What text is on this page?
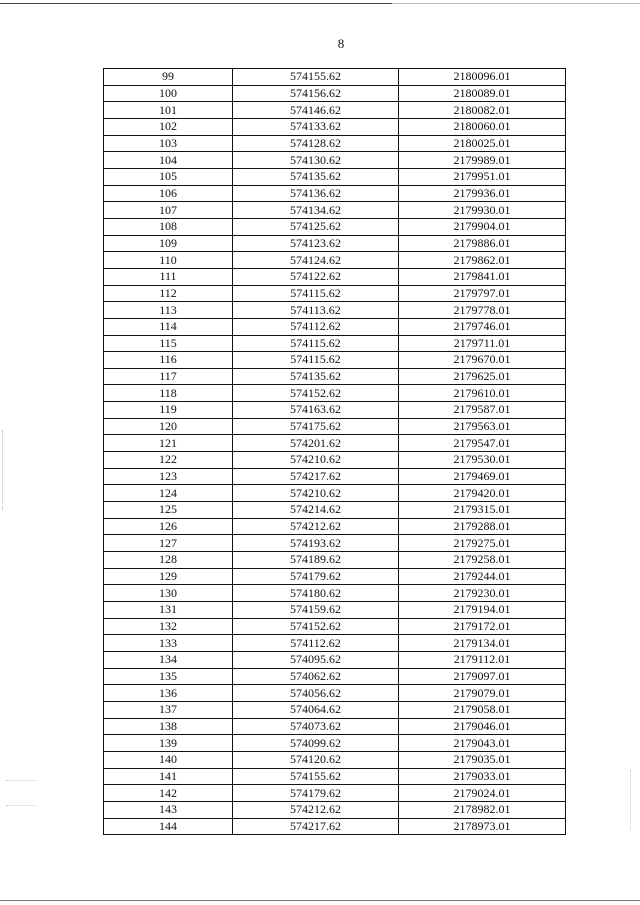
8
99	574155.62	2180096.01
100	574156.62	2180089.01
101	574146.62	2180082.01
102	574133.62	2180060.01
103	574128.62	2180025.01
104	574130.62	2179989.01
105	574135.62	2179951.01
106	574136.62	2179936.01
107	574134.62	2179930.01
108	574125.62	2179904.01
109	574123.62	2179886.01
110	574124.62	2179862.01
111	574122.62	2179841.01
112	574115.62	2179797.01
113	574113.62	2179778.01
114	574112.62	2179746.01
115	574115.62	2179711.01
116	574115.62	2179670.01
117	574135.62	2179625.01
118	574152.62	2179610.01
119	574163.62	2179587.01
120	574175.62	2179563.01
121	574201.62	2179547.01
122	574210.62	2179530.01
123	574217.62	2179469.01
124	574210.62	2179420.01
125	574214.62	2179315.01
126	574212.62	2179288.01
127	574193.62	2179275.01
128	574189.62	2179258.01
129	574179.62	2179244.01
130	574180.62	2179230.01
131	574159.62	2179194.01
132	574152.62	2179172.01
133	574112.62	2179134.01
134	574095.62	2179112.01
135	574062.62	2179097.01
136	574056.62	2179079.01
137	574064.62	2179058.01
138	574073.62	2179046.01
139	574099.62	2179043.01
140	574120.62	2179035.01
141	574155.62	2179033.01
142	574179.62	2179024.01
143	574212.62	2178982.01
144	574217.62	2178973.01
